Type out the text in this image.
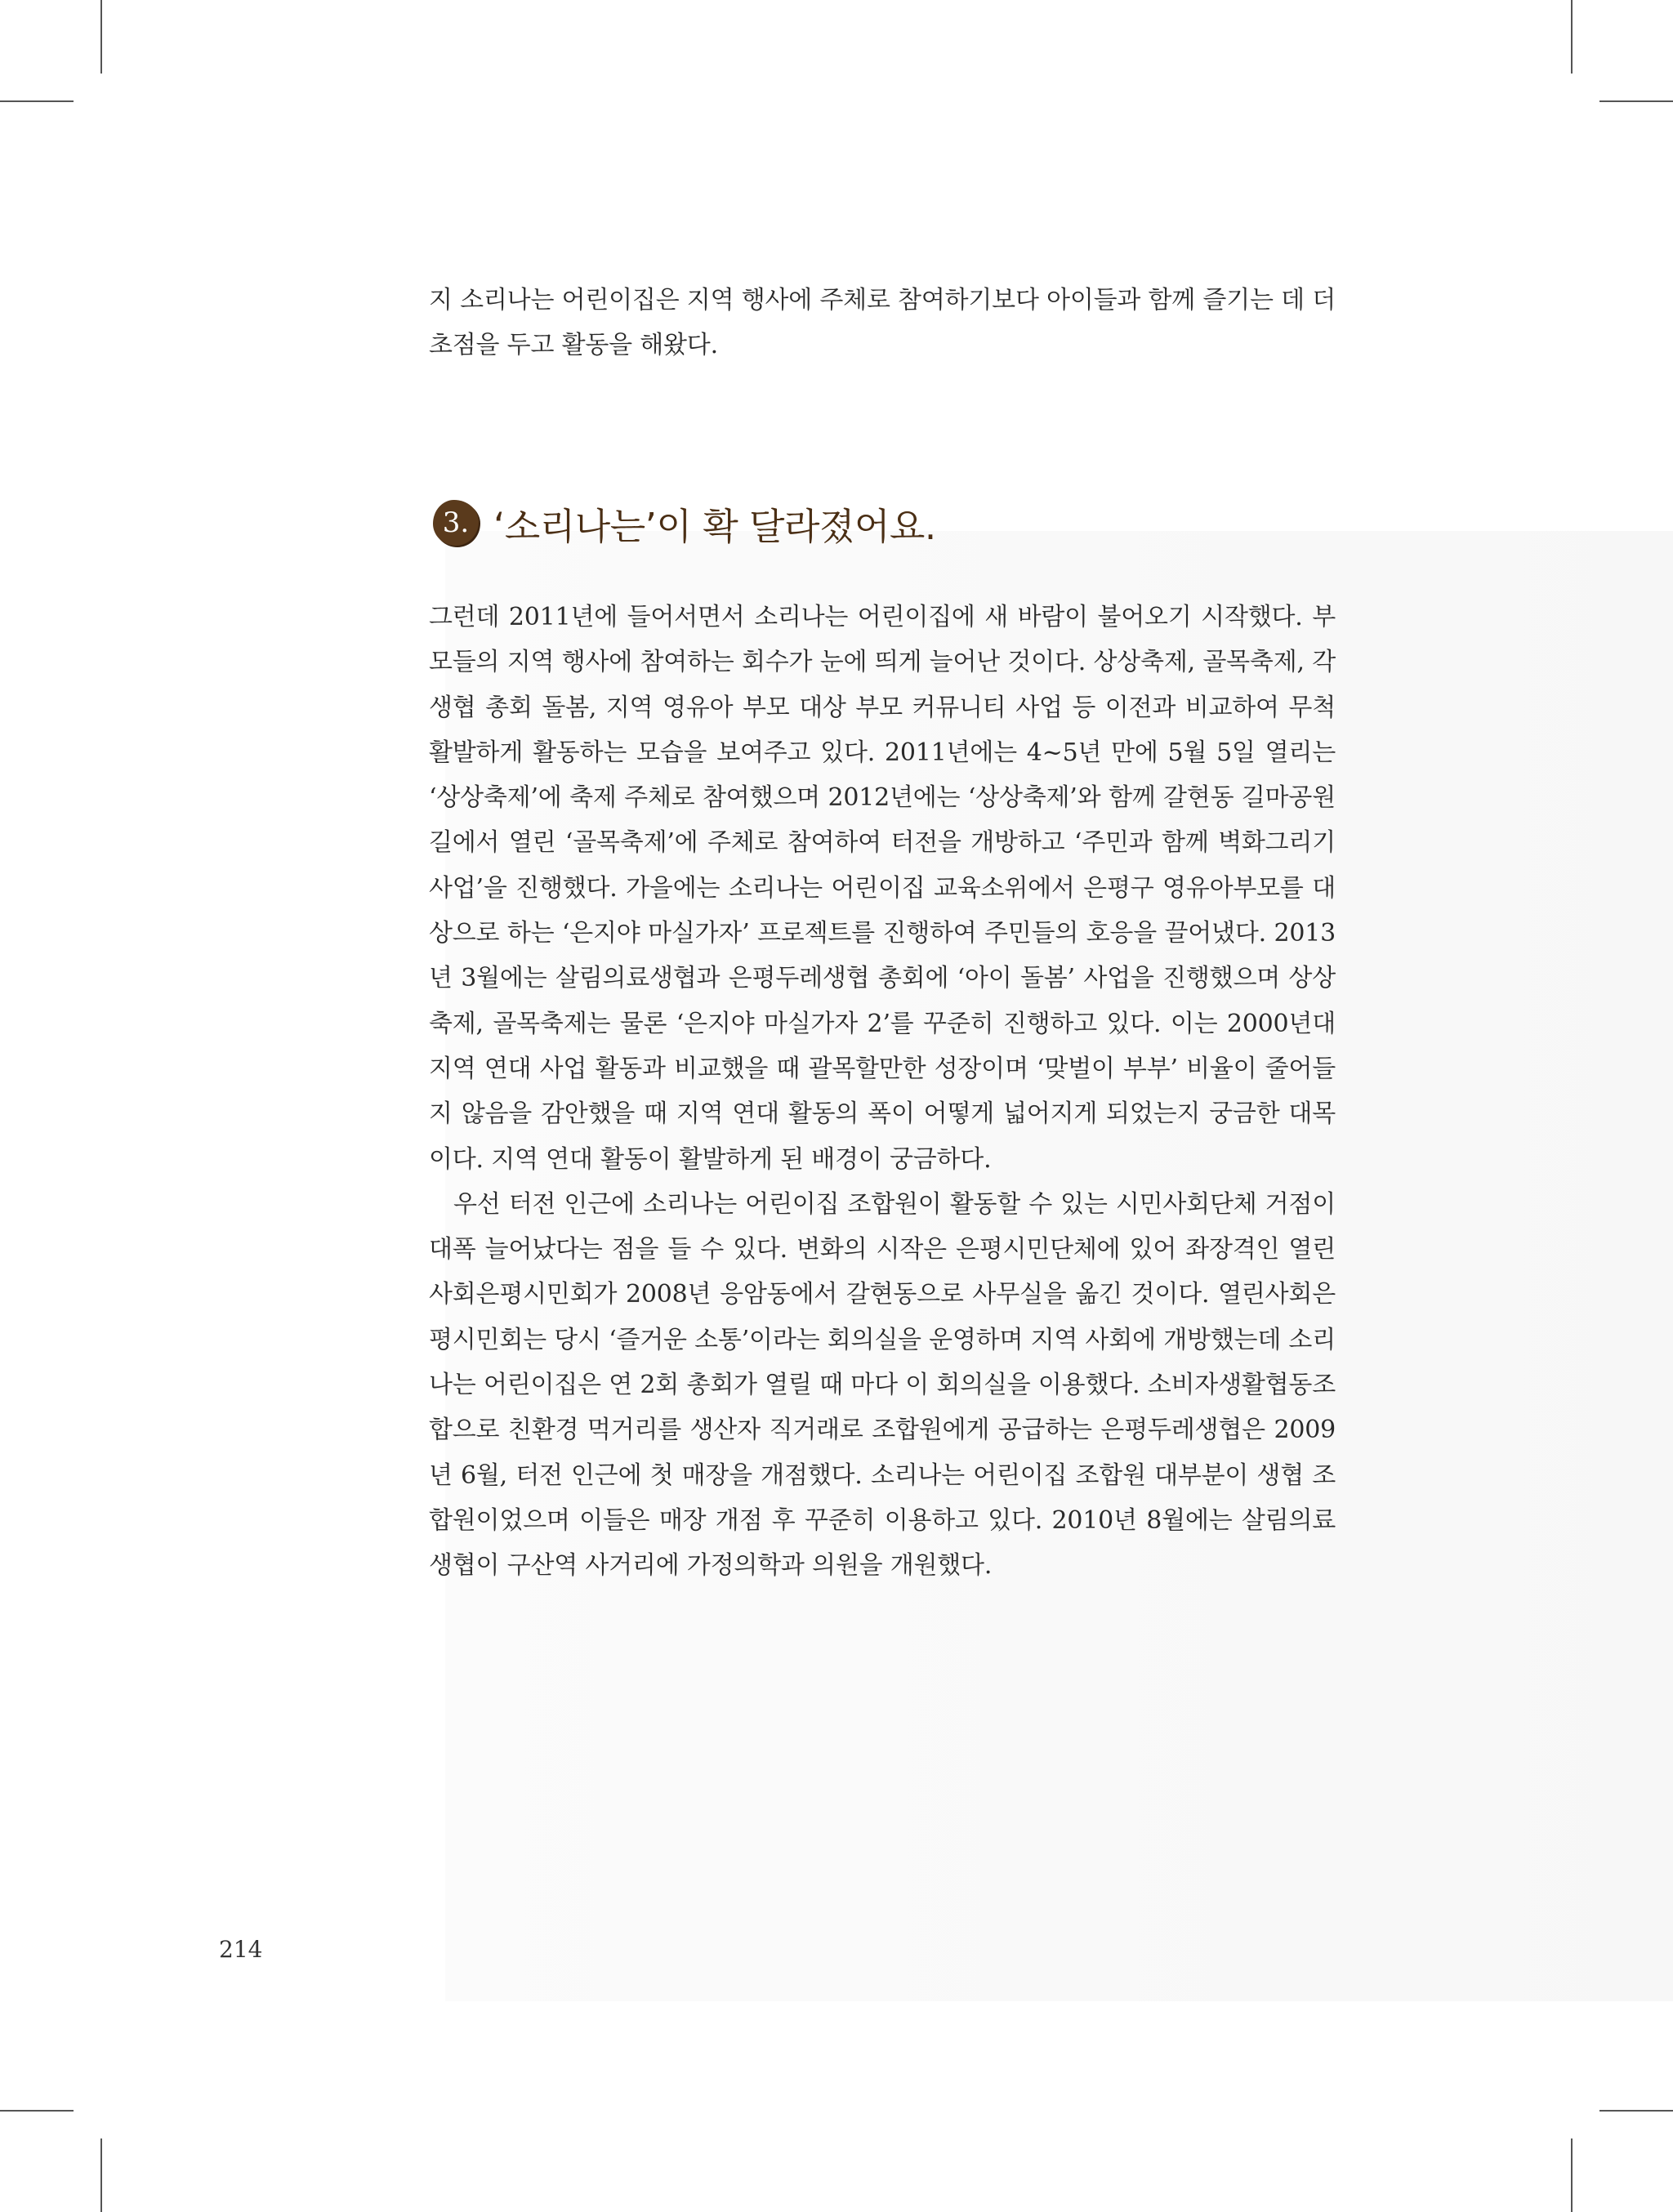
지 소리나는 어린이집은 지역 행사에 주체로 참여하기보다 아이들과 함께 즐기는 데 더 초점을 두고 활동을 해왔다.

3. ‘소리나는’이 확 달라졌어요.

그런데 2011년에 들어서면서 소리나는 어린이집에 새 바람이 불어오기 시작했다. 부모들의 지역 행사에 참여하는 회수가 눈에 띄게 늘어난 것이다. 상상축제, 골목축제, 각 생협 총회 돌봄, 지역 영유아 부모 대상 부모 커뮤니티 사업 등 이전과 비교하여 무척 활발하게 활동하는 모습을 보여주고 있다. 2011년에는 4~5년 만에 5월 5일 열리는 ‘상상축제’에 축제 주체로 참여했으며 2012년에는 ‘상상축제’와 함께 갈현동 길마공원길에서 열린 ‘골목축제’에 주체로 참여하여 터전을 개방하고 ‘주민과 함께 벽화그리기 사업’을 진행했다. 가을에는 소리나는 어린이집 교육소위에서 은평구 영유아부모를 대상으로 하는 ‘은지야 마실가자’ 프로젝트를 진행하여 주민들의 호응을 끌어냈다. 2013년 3월에는 살림의료생협과 은평두레생협 총회에 ‘아이 돌봄’ 사업을 진행했으며 상상축제, 골목축제는 물론 ‘은지야 마실가자 2’를 꾸준히 진행하고 있다. 이는 2000년대 지역 연대 사업 활동과 비교했을 때 괄목할만한 성장이며 ‘맞벌이 부부’ 비율이 줄어들지 않음을 감안했을 때 지역 연대 활동의 폭이 어떻게 넓어지게 되었는지 궁금한 대목이다. 지역 연대 활동이 활발하게 된 배경이 궁금하다.

우선 터전 인근에 소리나는 어린이집 조합원이 활동할 수 있는 시민사회단체 거점이 대폭 늘어났다는 점을 들 수 있다. 변화의 시작은 은평시민단체에 있어 좌장격인 열린사회은평시민회가 2008년 응암동에서 갈현동으로 사무실을 옮긴 것이다. 열린사회은평시민회는 당시 ‘즐거운 소통’이라는 회의실을 운영하며 지역 사회에 개방했는데 소리나는 어린이집은 연 2회 총회가 열릴 때 마다 이 회의실을 이용했다. 소비자생활협동조합으로 친환경 먹거리를 생산자 직거래로 조합원에게 공급하는 은평두레생협은 2009년 6월, 터전 인근에 첫 매장을 개점했다. 소리나는 어린이집 조합원 대부분이 생협 조합원이었으며 이들은 매장 개점 후 꾸준히 이용하고 있다. 2010년 8월에는 살림의료생협이 구산역 사거리에 가정의학과 의원을 개원했다.

214
